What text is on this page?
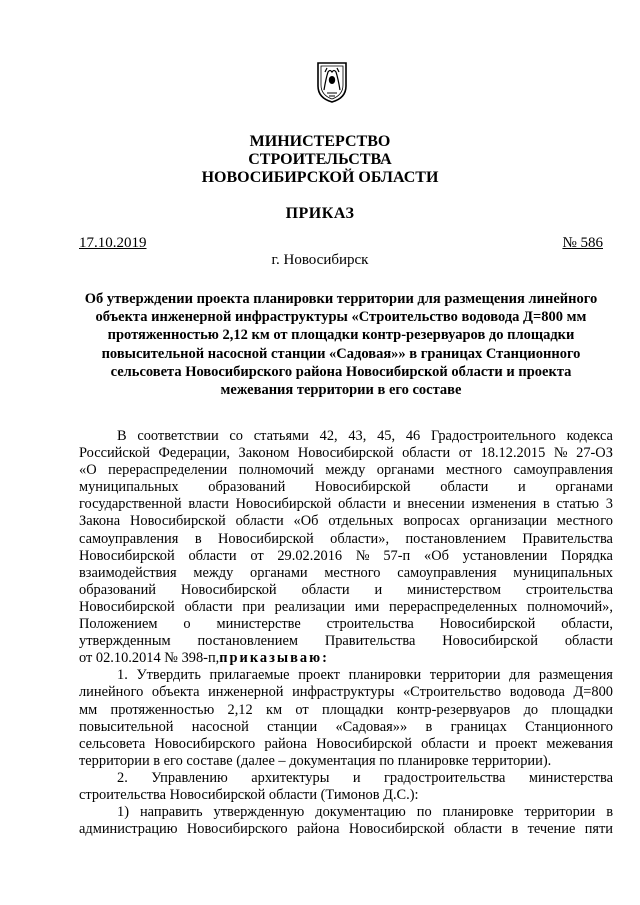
МИНИСТЕРСТВО
СТРОИТЕЛЬСТВА
НОВОСИБИРСКОЙ ОБЛАСТИ
ПРИКАЗ
17.10.2019	№ 586
г. Новосибирск
Об утверждении проекта планировки территории для размещения линейного
объекта инженерной инфраструктуры «Строительство водовода Д=800 мм
протяженностью 2,12 км от площадки контр-резервуаров до площадки
повысительной насосной станции «Садовая»» в границах Станционного
сельсовета Новосибирского района Новосибирской области и проекта
межевания территории в его составе
В соответствии со статьями 42, 43, 45, 46 Градостроительного кодекса
Российской Федерации, Законом Новосибирской области от 18.12.2015 № 27-ОЗ
«О перераспределении полномочий между органами местного самоуправления
муниципальных образований Новосибирской области и органами
государственной власти Новосибирской области и внесении изменения в статью 3
Закона Новосибирской области «Об отдельных вопросах организации местного
самоуправления в Новосибирской области», постановлением Правительства
Новосибирской области от 29.02.2016 № 57-п «Об установлении Порядка
взаимодействия между органами местного самоуправления муниципальных
образований Новосибирской области и министерством строительства
Новосибирской области при реализации ими перераспределенных полномочий»,
Положением о министерстве строительства Новосибирской области,
утвержденным постановлением Правительства Новосибирской области
от 02.10.2014 № 398-п, приказываю:
1. Утвердить прилагаемые проект планировки территории для размещения
линейного объекта инженерной инфраструктуры «Строительство водовода Д=800
мм протяженностью 2,12 км от площадки контр-резервуаров до площадки
повысительной насосной станции «Садовая»» в границах Станционного
сельсовета Новосибирского района Новосибирской области и проект межевания
территории в его составе (далее – документация по планировке территории).
2. Управлению архитектуры и градостроительства министерства
строительства Новосибирской области (Тимонов Д.С.):
1) направить утвержденную документацию по планировке территории в
администрацию Новосибирского района Новосибирской области в течение пяти
